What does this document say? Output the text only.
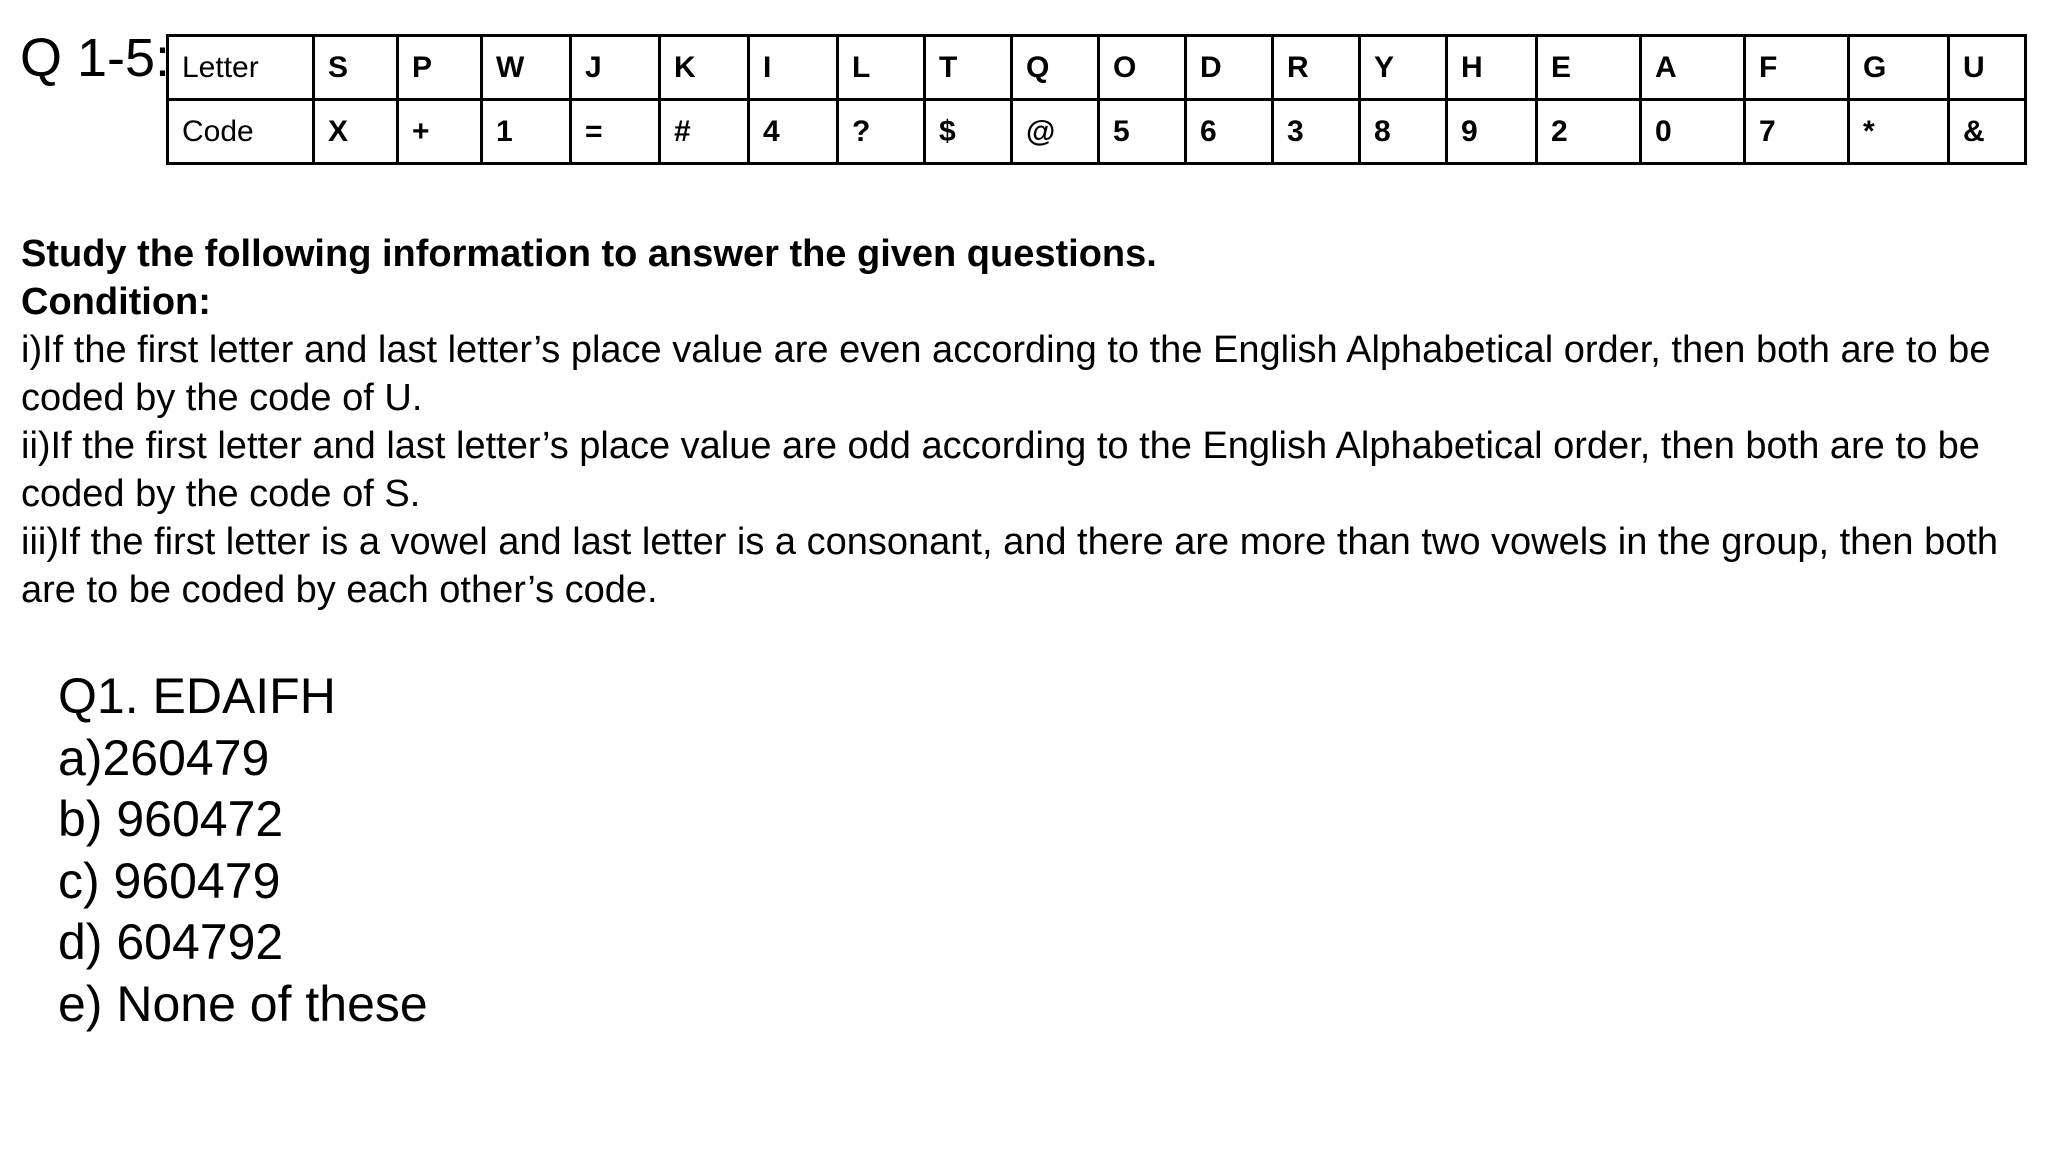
Q 1-5: Letter	S	P	W	J	K	I	L	T	Q	O	D	R	Y	H	E	A	F	G	U
Code	X	+	1	=	#	4	?	$	@	5	6	3	8	9	2	0	7	*	&

Study the following information to answer the given questions.

Condition:

i)If the first letter and last letter’s place value are even according to the English Alphabetical order, then both are to be coded by the code of U.

ii)If the first letter and last letter’s place value are odd according to the English Alphabetical order, then both are to be coded by the code of S.

iii)If the first letter is a vowel and last letter is a consonant, and there are more than two vowels in the group, then both are to be coded by each other’s code.

Q1. EDAIFH

a)260479

b) 960472

c) 960479

d) 604792

e) None of these
